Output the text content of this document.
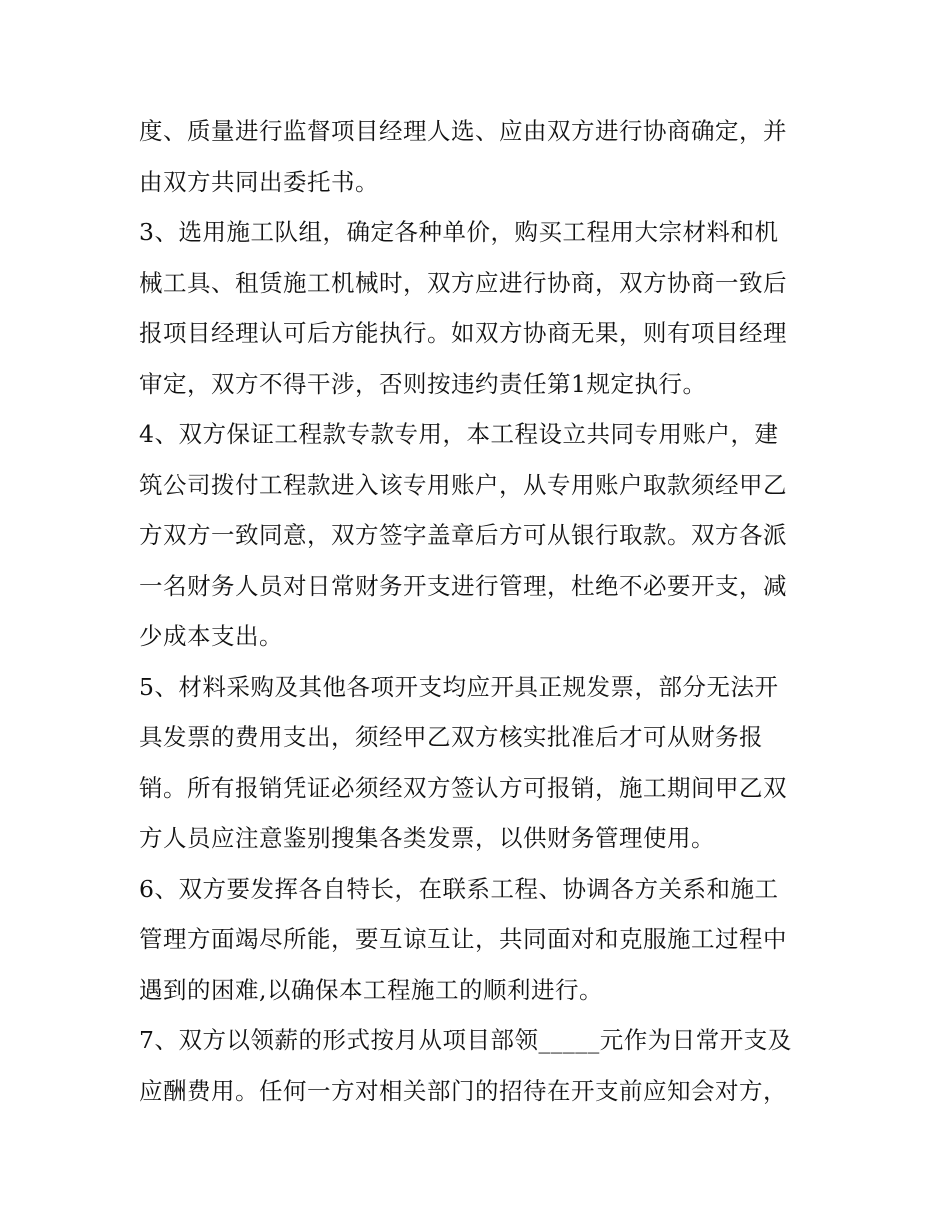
度、质量进行监督项目经理人选、应由双方进行协商确定，并
由双方共同出委托书。
3、选用施工队组，确定各种单价，购买工程用大宗材料和机
械工具、租赁施工机械时，双方应进行协商，双方协商一致后
报项目经理认可后方能执行。如双方协商无果，则有项目经理
审定，双方不得干涉，否则按违约责任第1规定执行。
4、双方保证工程款专款专用，本工程设立共同专用账户，建
筑公司拨付工程款进入该专用账户，从专用账户取款须经甲乙
方双方一致同意，双方签字盖章后方可从银行取款。双方各派
一名财务人员对日常财务开支进行管理，杜绝不必要开支，减
少成本支出。
5、材料采购及其他各项开支均应开具正规发票，部分无法开
具发票的费用支出，须经甲乙双方核实批准后才可从财务报
销。所有报销凭证必须经双方签认方可报销，施工期间甲乙双
方人员应注意鉴别搜集各类发票，以供财务管理使用。
6、双方要发挥各自特长，在联系工程、协调各方关系和施工
管理方面竭尽所能，要互谅互让，共同面对和克服施工过程中
遇到的困难,以确保本工程施工的顺利进行。
7、双方以领薪的形式按月从项目部领_____元作为日常开支及
应酬费用。任何一方对相关部门的招待在开支前应知会对方，
